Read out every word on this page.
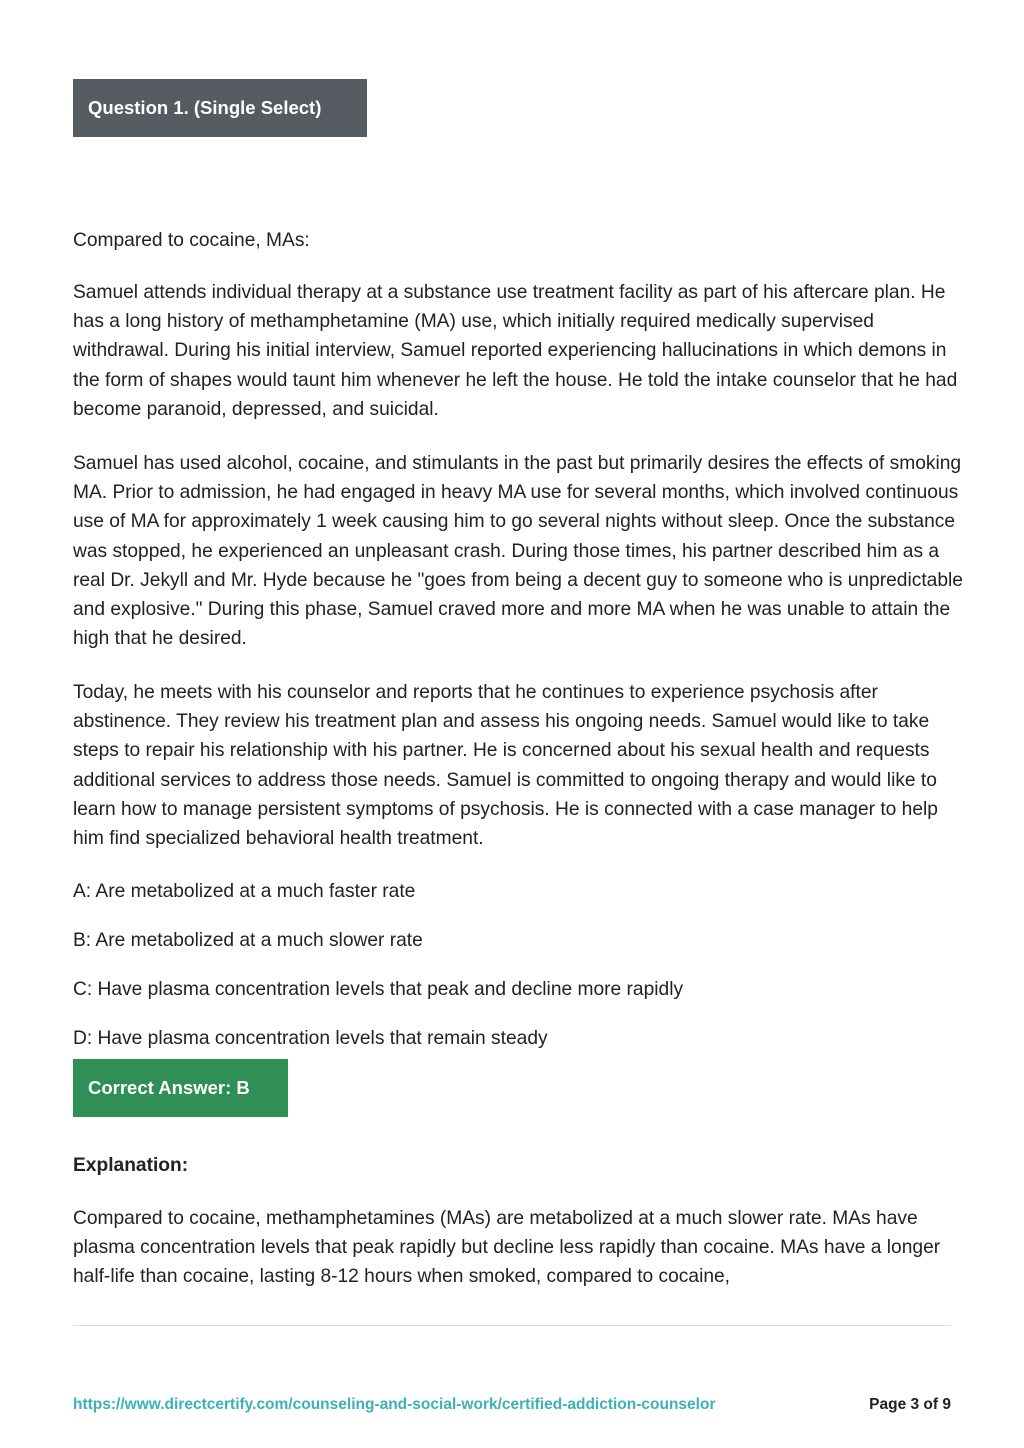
Question 1. (Single Select)

Compared to cocaine, MAs:

Samuel attends individual therapy at a substance use treatment facility as part of his aftercare plan. He has a long history of methamphetamine (MA) use, which initially required medically supervised withdrawal. During his initial interview, Samuel reported experiencing hallucinations in which demons in the form of shapes would taunt him whenever he left the house. He told the intake counselor that he had become paranoid, depressed, and suicidal.

Samuel has used alcohol, cocaine, and stimulants in the past but primarily desires the effects of smoking MA. Prior to admission, he had engaged in heavy MA use for several months, which involved continuous use of MA for approximately 1 week causing him to go several nights without sleep. Once the substance was stopped, he experienced an unpleasant crash. During those times, his partner described him as a real Dr. Jekyll and Mr. Hyde because he "goes from being a decent guy to someone who is unpredictable and explosive." During this phase, Samuel craved more and more MA when he was unable to attain the high that he desired.

Today, he meets with his counselor and reports that he continues to experience psychosis after abstinence. They review his treatment plan and assess his ongoing needs. Samuel would like to take steps to repair his relationship with his partner. He is concerned about his sexual health and requests additional services to address those needs. Samuel is committed to ongoing therapy and would like to learn how to manage persistent symptoms of psychosis. He is connected with a case manager to help him find specialized behavioral health treatment.

A: Are metabolized at a much faster rate

B: Are metabolized at a much slower rate

C: Have plasma concentration levels that peak and decline more rapidly

D: Have plasma concentration levels that remain steady

Correct Answer: B

Explanation:

Compared to cocaine, methamphetamines (MAs) are metabolized at a much slower rate. MAs have plasma concentration levels that peak rapidly but decline less rapidly than cocaine. MAs have a longer half-life than cocaine, lasting 8-12 hours when smoked, compared to cocaine,

https://www.directcertify.com/counseling-and-social-work/certified-addiction-counselor	Page 3 of 9
